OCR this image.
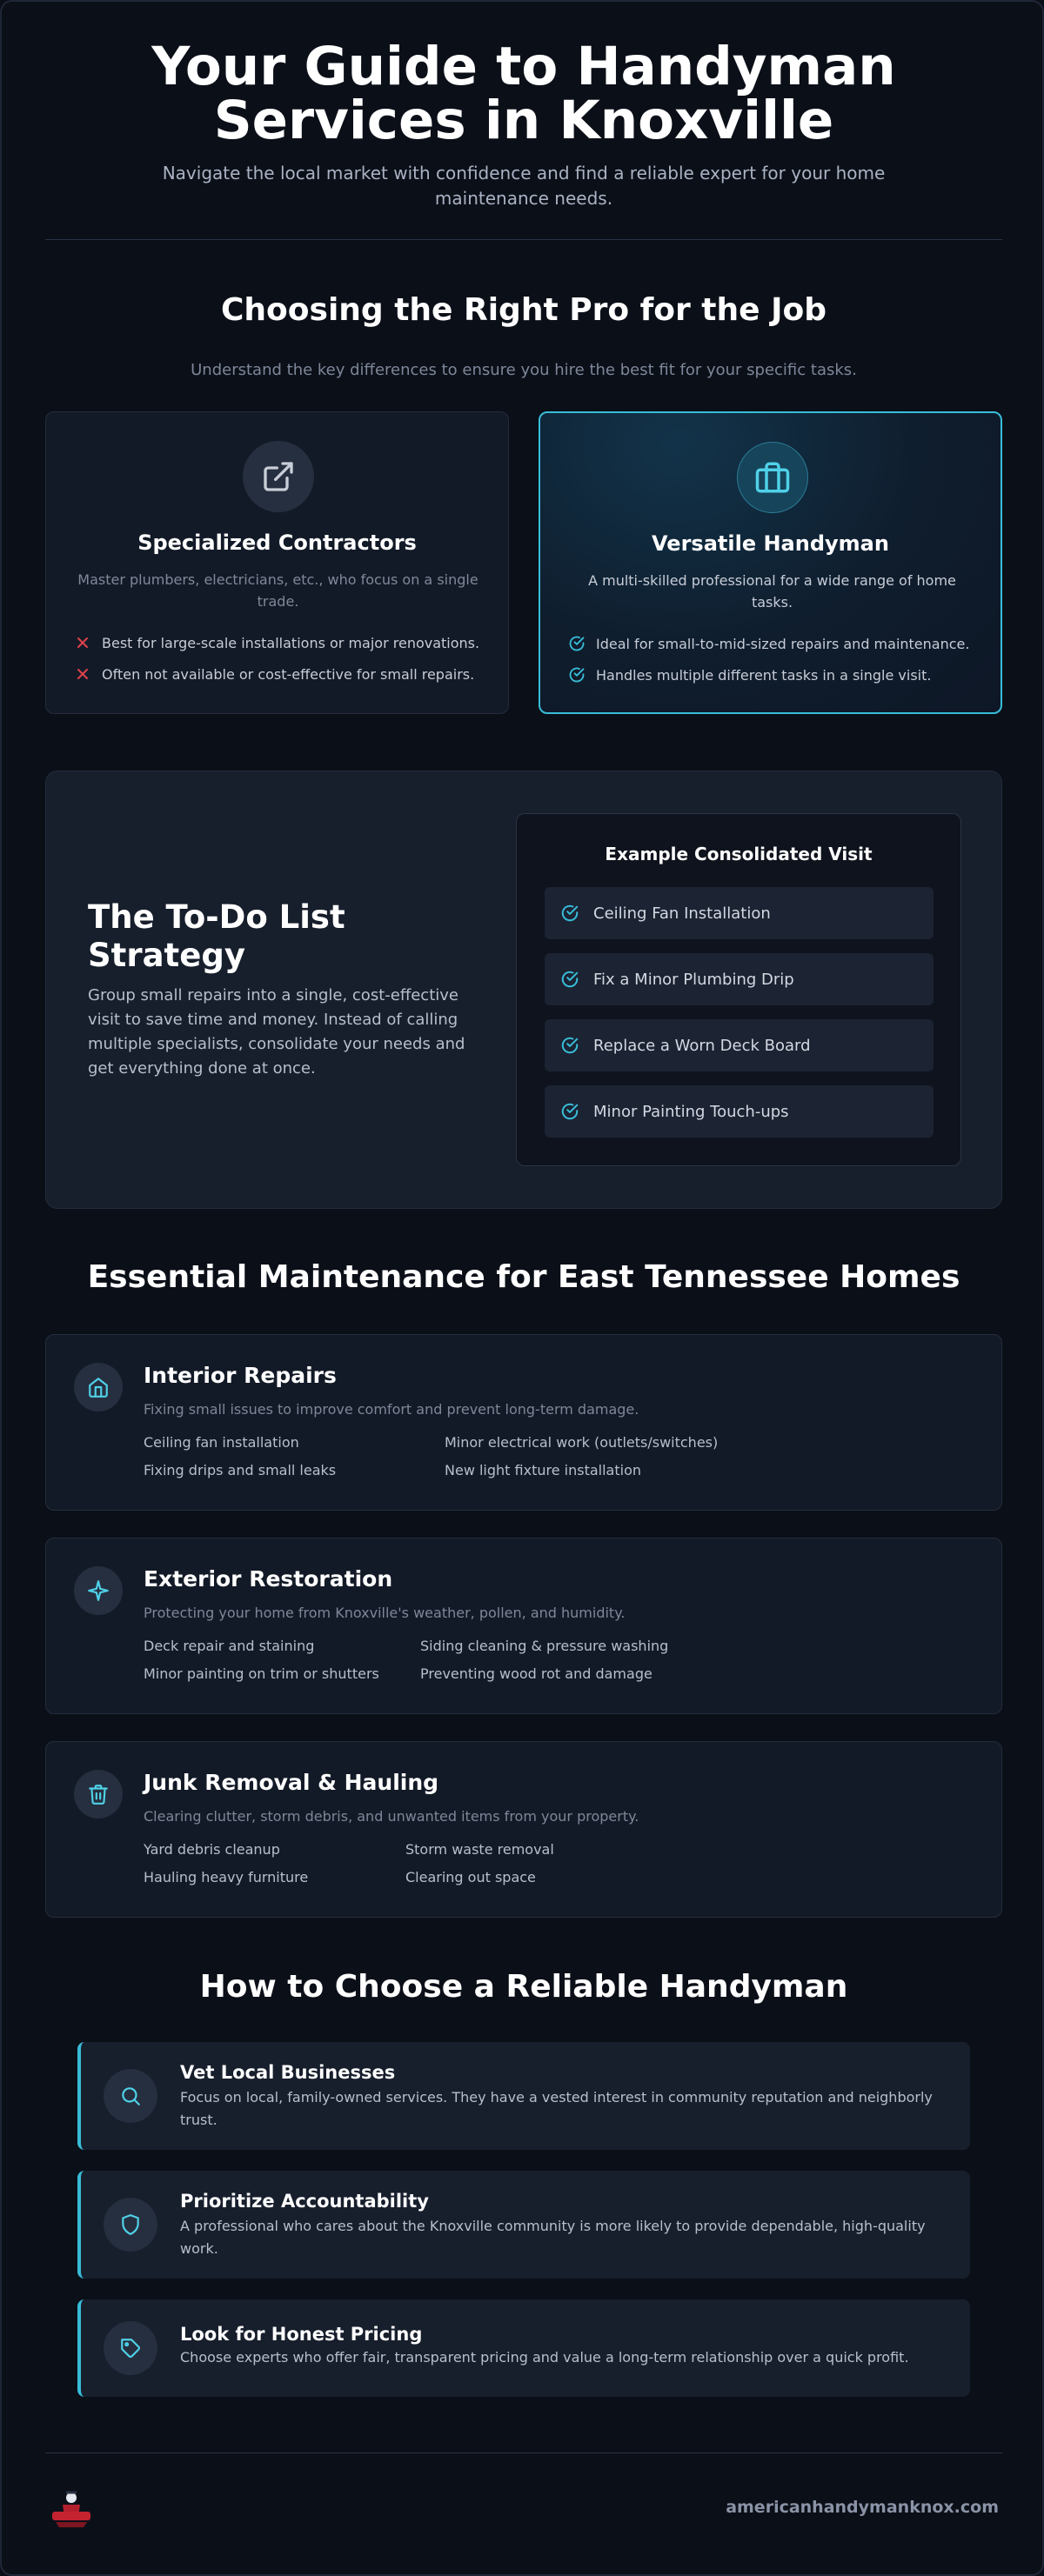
Your Guide to Handyman
Services in Knoxville
Navigate the local market with confidence and find a reliable expert for your home maintenance needs.
Choosing the Right Pro for the Job
Understand the key differences to ensure you hire the best fit for your specific tasks.
Specialized Contractors
Master plumbers, electricians, etc., who focus on a single trade.
Best for large-scale installations or major renovations.
Often not available or cost-effective for small repairs.
Versatile Handyman
A multi-skilled professional for a wide range of home tasks.
Ideal for small-to-mid-sized repairs and maintenance.
Handles multiple different tasks in a single visit.
The To-Do List Strategy
Group small repairs into a single, cost-effective visit to save time and money. Instead of calling multiple specialists, consolidate your needs and get everything done at once.
Example Consolidated Visit
Ceiling Fan Installation
Fix a Minor Plumbing Drip
Replace a Worn Deck Board
Minor Painting Touch-ups
Essential Maintenance for East Tennessee Homes
Interior Repairs
Fixing small issues to improve comfort and prevent long-term damage.
Ceiling fan installation	Minor electrical work (outlets/switches)
Fixing drips and small leaks	New light fixture installation
Exterior Restoration
Protecting your home from Knoxville's weather, pollen, and humidity.
Deck repair and staining	Siding cleaning & pressure washing
Minor painting on trim or shutters	Preventing wood rot and damage
Junk Removal & Hauling
Clearing clutter, storm debris, and unwanted items from your property.
Yard debris cleanup	Storm waste removal
Hauling heavy furniture	Clearing out space
How to Choose a Reliable Handyman
Vet Local Businesses
Focus on local, family-owned services. They have a vested interest in community reputation and neighborly trust.
Prioritize Accountability
A professional who cares about the Knoxville community is more likely to provide dependable, high-quality work.
Look for Honest Pricing
Choose experts who offer fair, transparent pricing and value a long-term relationship over a quick profit.
americanhandymanknox.com
